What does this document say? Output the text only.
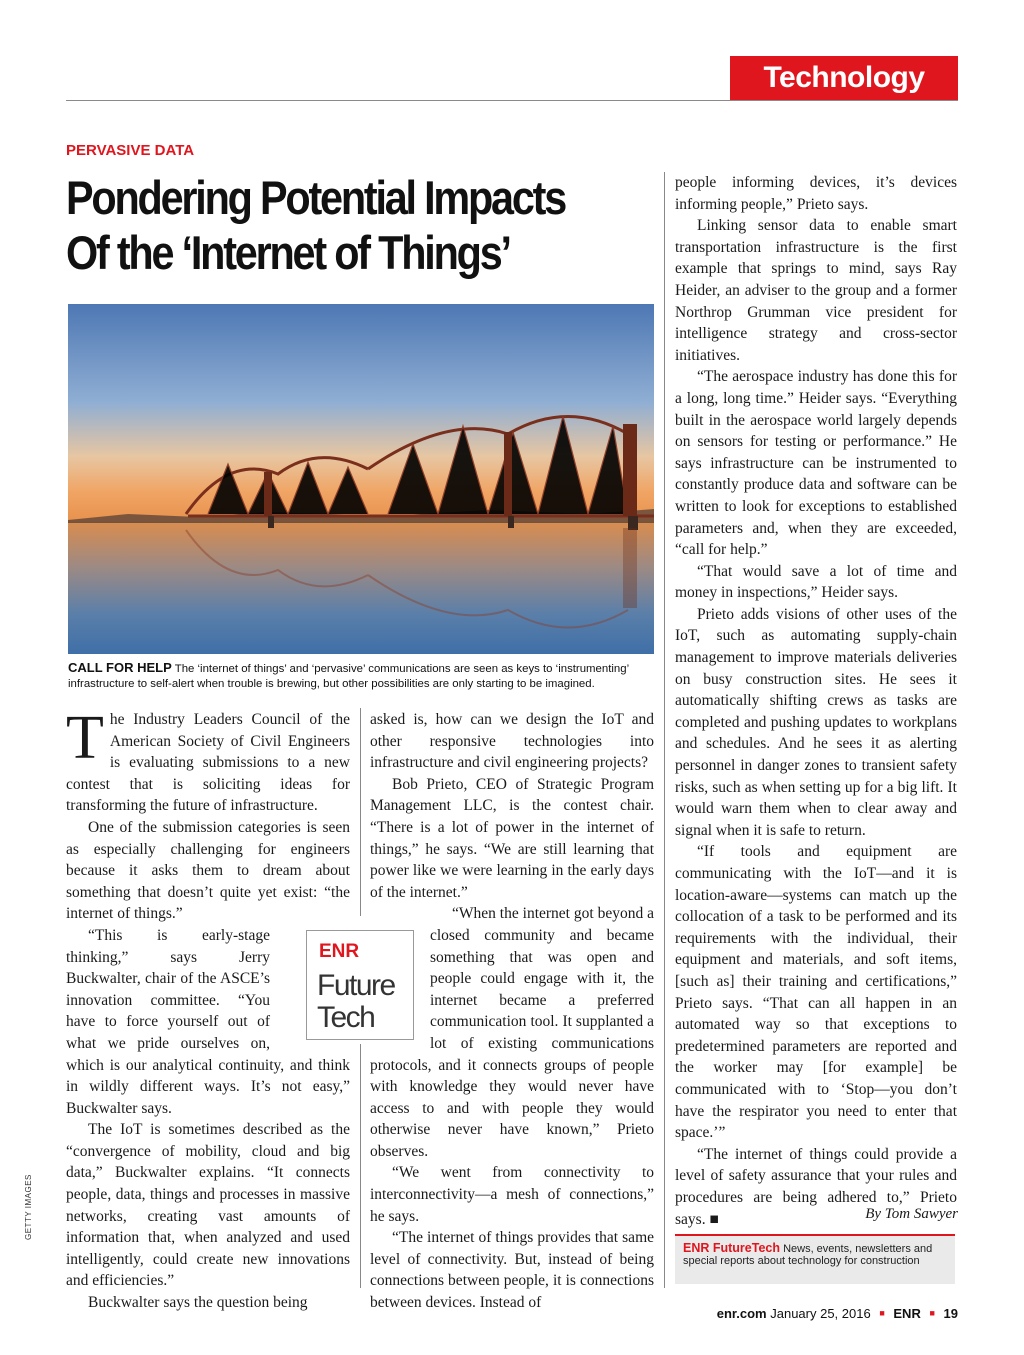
Technology
PERVASIVE DATA
Pondering Potential Impacts Of the ‘Internet of Things’
CALL FOR HELP The ‘internet of things’ and ‘pervasive’ communications are seen as keys to ‘instrumenting’ infrastructure to self-alert when trouble is brewing, but other possibilities are only starting to be imagined.

The Industry Leaders Council of the American Society of Civil Engineers is evaluating submissions to a new contest that is soliciting ideas for transforming the future of infrastructure.

One of the submission categories is seen as especially challenging for engineers because it asks them to dream about something that doesn’t quite yet exist: “the internet of things.”

“This is early-stage thinking,” says Jerry Buckwalter, chair of the ASCE’s innovation committee. “You have to force yourself out of what we pride ourselves on, which is our analytical continuity, and think in wildly different ways. It’s not easy,” Buckwalter says.

The IoT is sometimes described as the “convergence of mobility, cloud and big data,” Buckwalter explains. “It connects people, data, things and processes in massive networks, creating vast amounts of information that, when analyzed and used intelligently, could create new innovations and efficiencies.”

Buckwalter says the question being

asked is, how can we design the IoT and other responsive technologies into infrastructure and civil engineering projects?

Bob Prieto, CEO of Strategic Program Management LLC, is the contest chair. “There is a lot of power in the internet of things,” he says. “We are still learning that power like we were learning in the early days of the internet.”

“When the internet got beyond a closed community and became something that was open and people could engage with it, the internet became a preferred communication tool. It supplanted a lot of existing communications protocols, and it connects groups of people with knowledge they would never have access to and with people they would otherwise never have known,” Prieto observes.

“We went from connectivity to interconnectivity—a mesh of connections,” he says.

“The internet of things provides that same level of connectivity. But, instead of being connections between people, it is connections between devices. Instead of

ENR
Future
Tech

people informing devices, it’s devices informing people,” Prieto says.

Linking sensor data to enable smart transportation infrastructure is the first example that springs to mind, says Ray Heider, an adviser to the group and a former Northrop Grumman vice president for intelligence strategy and cross-sector initiatives.

“The aerospace industry has done this for a long, long time.” Heider says. “Everything built in the aerospace world largely depends on sensors for testing or performance.” He says infrastructure can be instrumented to constantly produce data and software can be written to look for exceptions to established parameters and, when they are exceeded, “call for help.”

“That would save a lot of time and money in inspections,” Heider says.

Prieto adds visions of other uses of the IoT, such as automating supply-chain management to improve materials deliveries on busy construction sites. He sees it automatically shifting crews as tasks are completed and pushing updates to workplans and schedules. And he sees it as alerting personnel in danger zones to transient safety risks, such as when setting up for a big lift. It would warn them when to clear away and signal when it is safe to return.

“If tools and equipment are communicating with the IoT—and it is location-aware—systems can match up the collocation of a task to be performed and its requirements with the individual, their equipment and materials, and soft items, [such as] their training and certifications,” Prieto says. “That can all happen in an automated way so that exceptions to predetermined parameters are reported and the worker may [for example] be communicated with to ‘Stop—you don’t have the respirator you need to enter that space.’”

“The internet of things could provide a level of safety assurance that your rules and procedures are being adhered to,” Prieto says. ■	By Tom Sawyer
ENR FutureTech News, events, newsletters and special reports about technology for construction
GETTY IMAGES
enr.com January 25, 2016 ■ ENR ■ 19
